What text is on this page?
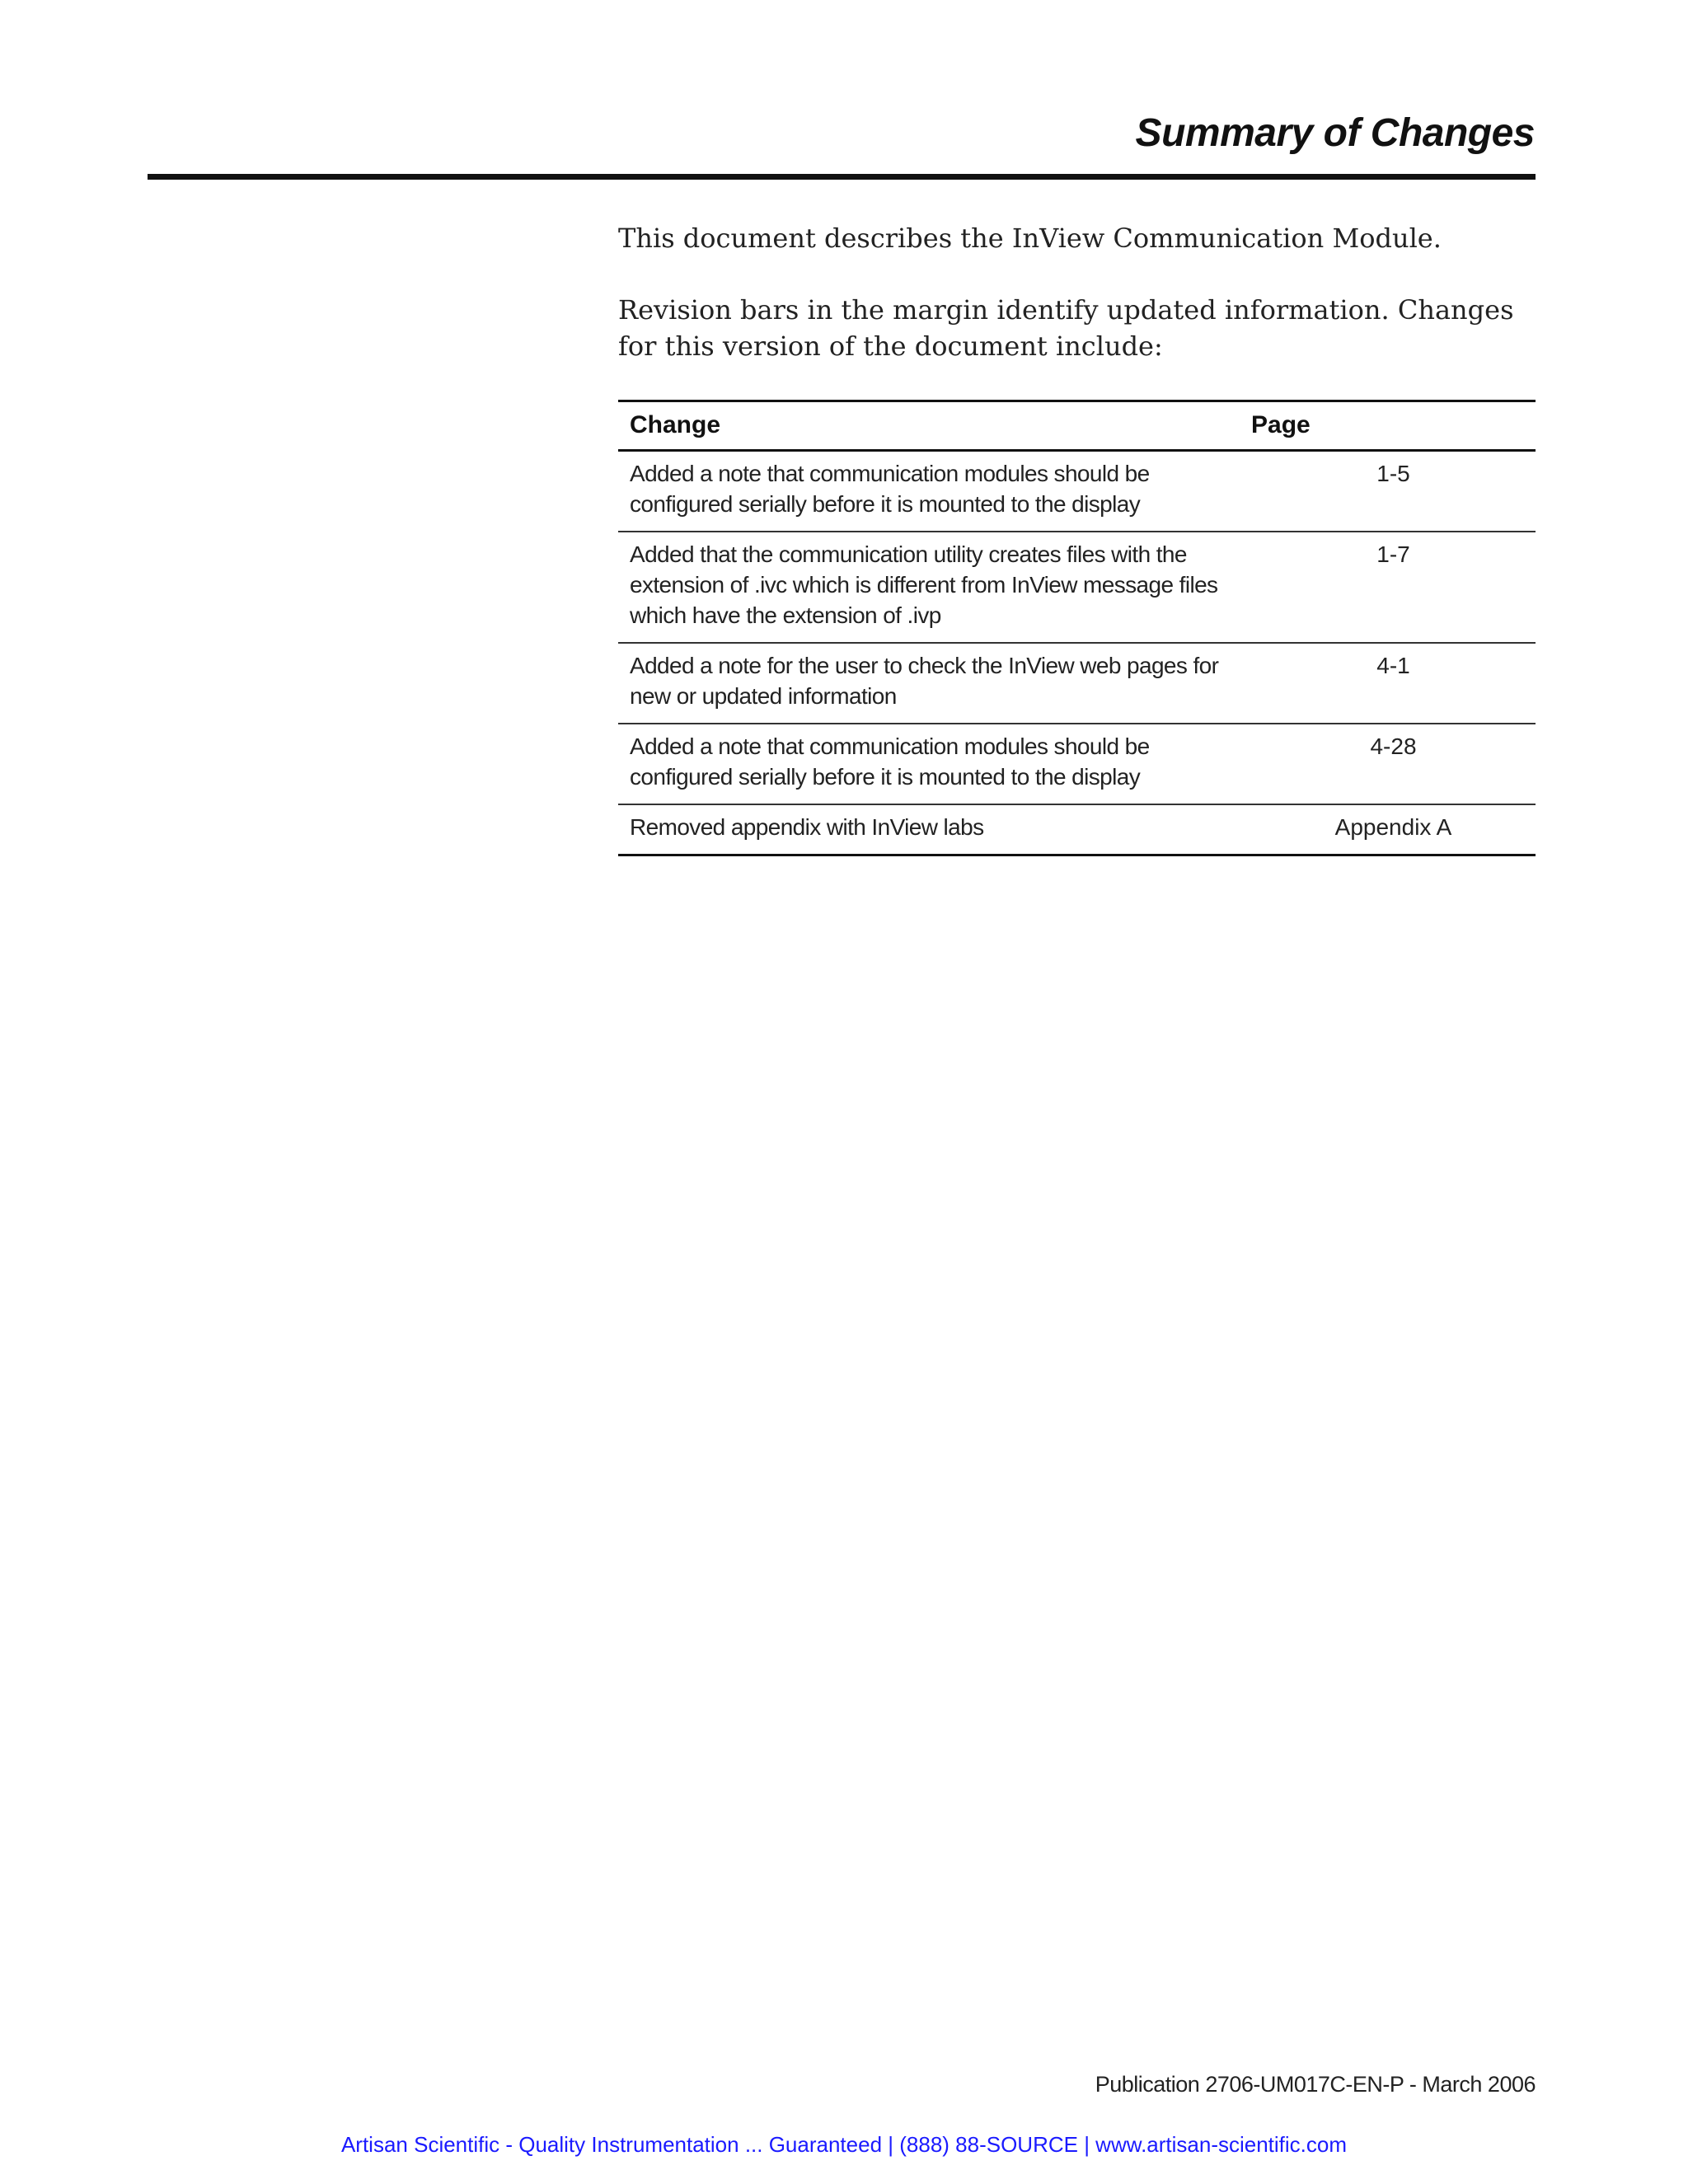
Summary of Changes

This document describes the InView Communication Module.

Revision bars in the margin identify updated information. Changes for this version of the document include:

Change	Page

Added a note that communication modules should be configured serially before it is mounted to the display	1-5

Added that the communication utility creates files with the extension of .ivc which is different from InView message files which have the extension of .ivp	1-7

Added a note for the user to check the InView web pages for new or updated information	4-1

Added a note that communication modules should be configured serially before it is mounted to the display	4-28

Removed appendix with InView labs	Appendix A
Publication 2706-UM017C-EN-P - March 2006
Artisan Scientific - Quality Instrumentation ... Guaranteed | (888) 88-SOURCE | www.artisan-scientific.com
